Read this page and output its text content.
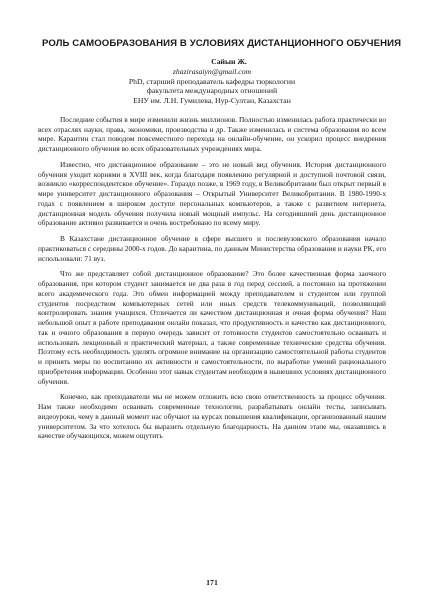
РОЛЬ САМООБРАЗОВАНИЯ В УСЛОВИЯХ ДИСТАНЦИОННОГО ОБУЧЕНИЯ
Сайын Ж.
zhazirasaiyn@gmail.com
PhD, старший преподаватель кафедры тюркологии
факультета международных отношений
ЕНУ им. Л.Н. Гумилева, Нур-Султан, Казахстан

Последние события в мире изменили жизнь миллионов. Полностью изменилась работа практически во всех отраслях науки, права, экономики, производства и др. Также изменилась и система образования во всем мире. Карантин стал поводом повсеместного перехода на онлайн-обучение, он ускорил процесс внедрения дистанционного обучения во всех образовательных учреждениях мира.

Известно, что дистанционное образование – это не новый вид обучения. История дистанционного обучения уходит корнями в XVIII век, когда благодаря появлению регулярной и доступной почтовой связи, возникло «корреспондентское обучение». Гораздо позже, в 1969 году, в Великобритании был открыт первый в мире университет дистанционного образования – Открытый Университет Великобритании. В 1980-1990-х годах с появлением в широком доступе персональных компьютеров, а также с развитием интернета, дистанционная модель обучения получила новый мощный импульс. На сегодняшний день дистанционное образование активно развивается и очень востребовано по всему миру.

В Казахстане дистанционное обучение в сфере высшего и послевузовского образования начало практиковаться с середины 2000-х годов. До карантина, по данным Министерства образования и науки РК, его использовали: 71 вуз.

Что же представляет собой дистанционное образование? Это более качественная форма заочного образования, при котором студент занимается не два раза в год перед сессией, а постоянно на протяжении всего академического года. Это обмен информацией между преподавателем и студентом или группой студентов посредством компьютерных сетей или иных средств телекоммуникаций, позволяющий контролировать знания учащихся. Отличается ли качеством дистанционная и очная форма обучения? Наш небольшой опыт в работе преподавания онлайн показал, что продуктивность и качество как дистанционного, так и очного образования в первую очередь зависит от готовности студентов самостоятельно осваивать и использовать лекционный и практический материал, а также современные технические средства обучения. Поэтому есть необходимость уделять огромное внимание на организацию самостоятельной работы студентов и принять меры по воспитанию их активности и самостоятельности, по выработке умений рационального приобретения информации. Особенно этот навык студентам необходим в нынешних условиях дистанционного обучения.

Конечно, как преподаватели мы не можем отложить всю свою ответственность за процесс обучения. Нам также необходимо осваивать современные технологии, разрабатывать онлайн тесты, записывать видеоуроки, чему в данный момент нас обучают на курсах повышения квалификации, организованный нашим университетом. За что хотелось бы выразить отдельную благодарность. На данном этапе мы, оказавшись в качестве обучающихся, можем ощутить

171
